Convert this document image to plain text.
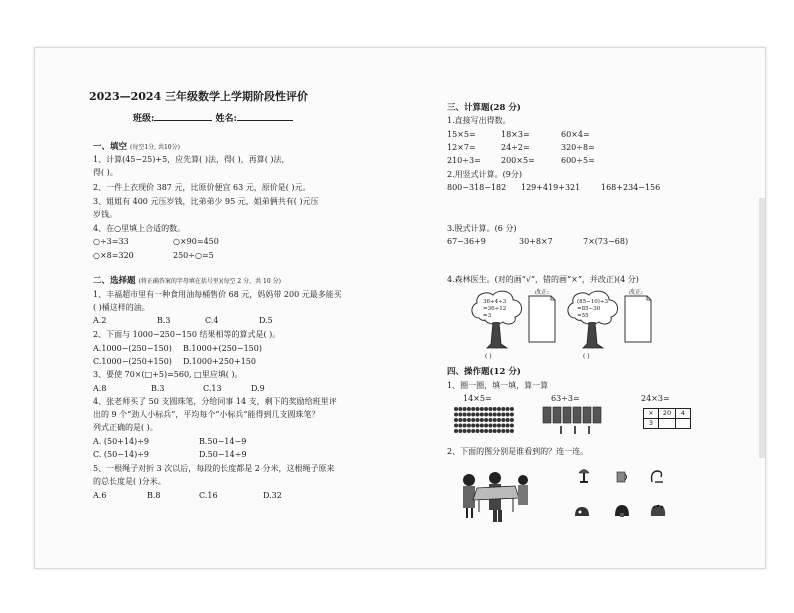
2023—2024 三年级数学上学期阶段性评价
班级:	姓名:
一、填空 (每空1分, 共10分)
1、计算(45−25)+5，应先算( )法，得( )，再算( )法，
得( )。
2、一件上衣现价 387 元，比原价便宜 63 元，原价是( )元。
3、姐姐有 400 元压岁钱，比弟弟少 95 元，姐弟俩共有( )元压
岁钱。
4、在○里填上合适的数。
○÷3=33	○×90=450
○×8=320	250÷○=5
二、选择题 (将正确答案的字母填在括号里)(每空 2 分，共 10 分)
1、丰福超市里有一种食用油每桶售价 68 元，妈妈带 200 元最多能买
( )桶这样的油。
A.2	B.3	C.4	D.5
2、下面与 1000−250−150 结果相等的算式是( )。
A.1000−(250−150) B.1000+(250−150)
C.1000−(250+150) D.1000+250+150
3、要使 70×(□+5)=560, □里应填( )。
A.8	B.3	C.13	D.9
4、张老师买了 50 支圆珠笔，分给同事 14 支，剩下的奖励给班里评
出的 9 个“劲人小标兵”，平均每个“小标兵”能得到几支圆珠笔？
列式正确的是( )。
A. (50+14)÷9	B.50−14−9
C. (50−14)÷9	D.50−14÷9
5、一根绳子对折 3 次以后，每段的长度都是 2 分米，这根绳子原来
的总长度是( )分米。
A.6	B.8	C.16	D.32
三、计算题(28 分)
1.直接写出得数。
15×5=	18×3=	60×4=
12×7=	24÷2=	320÷8=
210÷3=	200×5=	600÷5=
2.用竖式计算。(9分)
800−318−182 129+419+321	168+234−156
3.脱式计算。(6 分)
67−36+9	30+8×7	7×(73−68)
4.森林医生。(对的画“√”，错的画“×”，并改正)(4 分)
36÷4÷3
=36÷12
=3
改正:
( )
(85−10)÷3
=85−30
=55
改正:
( )
四、操作题(12 分)
1、圈一圈，填一填，算一算
14×5=	63÷3=	24×3=
×	20	4
3
2、下面的图分别是谁看到的？连一连。
